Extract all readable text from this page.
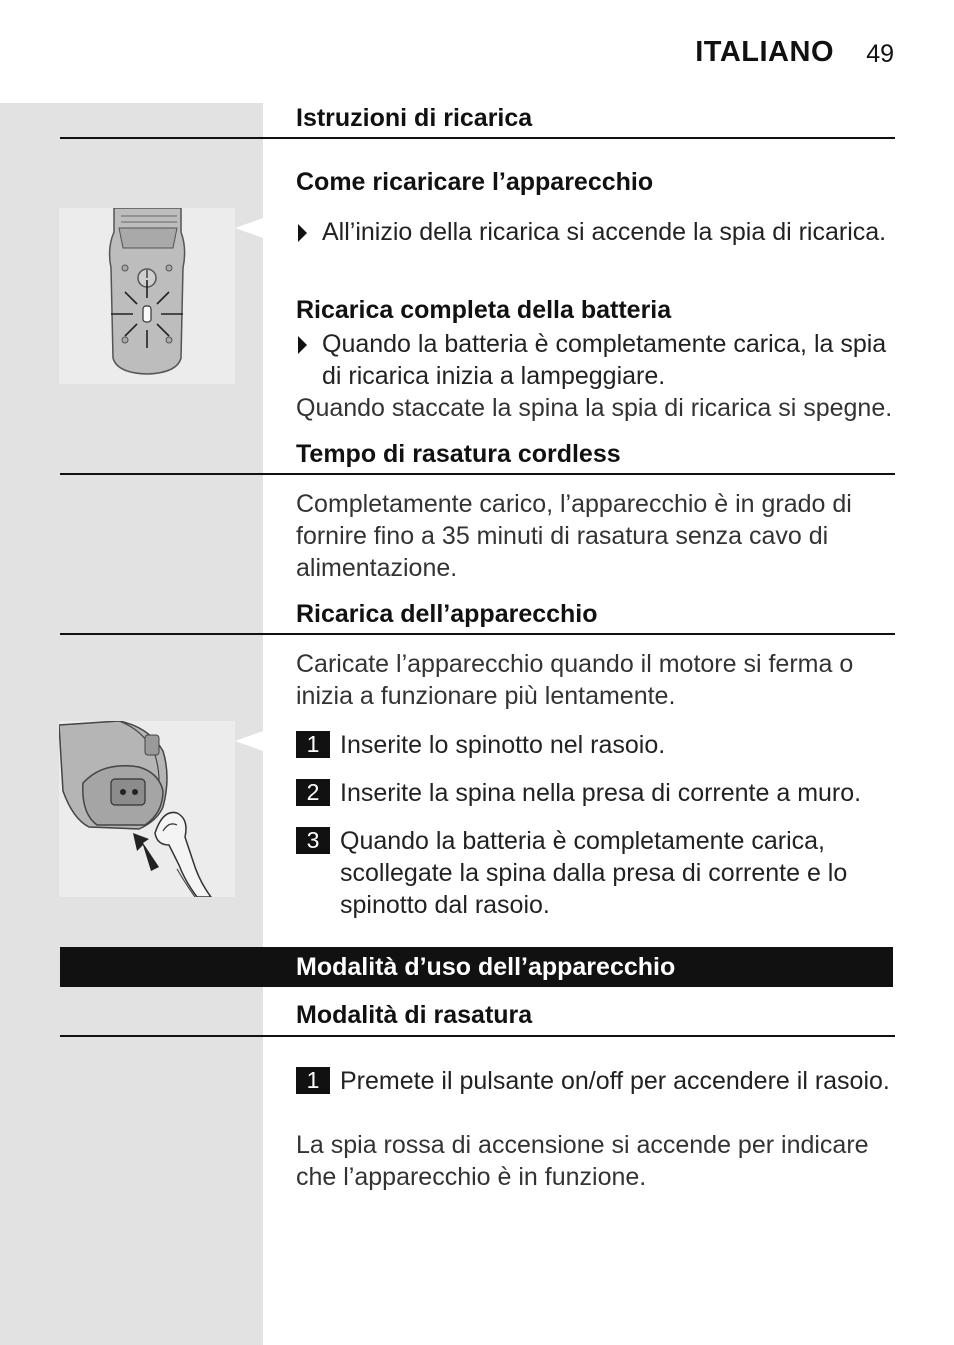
ITALIANO 49
Istruzioni di ricarica
Come ricaricare l’apparecchio
All’inizio della ricarica si accende la spia di ricarica.
Ricarica completa della batteria
Quando la batteria è completamente carica, la spia di ricarica inizia a lampeggiare.
Quando staccate la spina la spia di ricarica si spegne.
Tempo di rasatura cordless
Completamente carico, l’apparecchio è in grado di fornire fino a 35 minuti di rasatura senza cavo di alimentazione.
Ricarica dell’apparecchio
Caricate l’apparecchio quando il motore si ferma o inizia a funzionare più lentamente.
1 Inserite lo spinotto nel rasoio.
2 Inserite la spina nella presa di corrente a muro.
3 Quando la batteria è completamente carica, scollegate la spina dalla presa di corrente e lo spinotto dal rasoio.
Modalità d’uso dell’apparecchio
Modalità di rasatura
1 Premete il pulsante on/off per accendere il rasoio.
La spia rossa di accensione si accende per indicare che l’apparecchio è in funzione.
